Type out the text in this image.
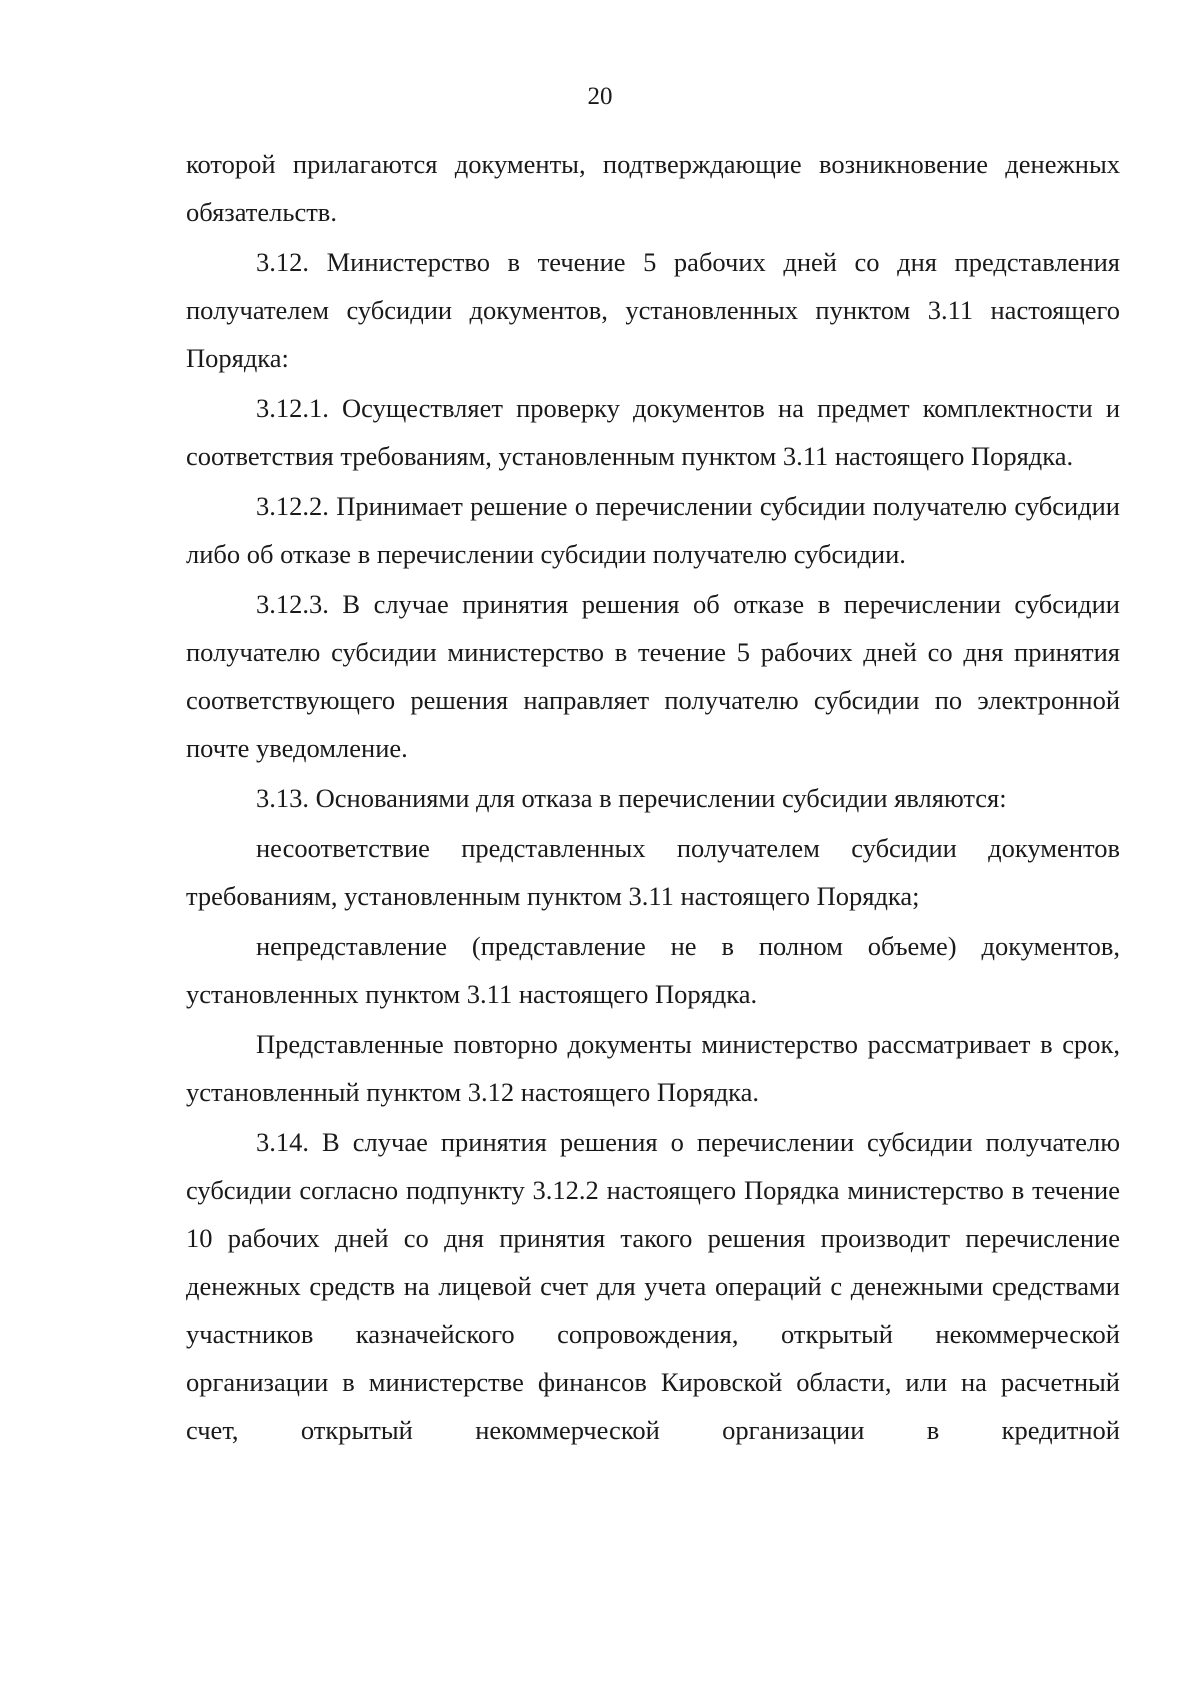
20

которой прилагаются документы, подтверждающие возникновение денежных обязательств.

3.12. Министерство в течение 5 рабочих дней со дня представления получателем субсидии документов, установленных пунктом 3.11 настоящего Порядка:

3.12.1. Осуществляет проверку документов на предмет комплектности и соответствия требованиям, установленным пунктом 3.11 настоящего Порядка.

3.12.2. Принимает решение о перечислении субсидии получателю субсидии либо об отказе в перечислении субсидии получателю субсидии.

3.12.3. В случае принятия решения об отказе в перечислении субсидии получателю субсидии министерство в течение 5 рабочих дней со дня принятия соответствующего решения направляет получателю субсидии по электронной почте уведомление.

3.13. Основаниями для отказа в перечислении субсидии являются:

несоответствие представленных получателем субсидии документов требованиям, установленным пунктом 3.11 настоящего Порядка;

непредставление (представление не в полном объеме) документов, установленных пунктом 3.11 настоящего Порядка.

Представленные повторно документы министерство рассматривает в срок, установленный пунктом 3.12 настоящего Порядка.

3.14. В случае принятия решения о перечислении субсидии получателю субсидии согласно подпункту 3.12.2 настоящего Порядка министерство в течение 10 рабочих дней со дня принятия такого решения производит перечисление денежных средств на лицевой счет для учета операций с денежными средствами участников казначейского сопровождения, открытый некоммерческой организации в министерстве финансов Кировской области, или на расчетный счет, открытый некоммерческой организации в кредитной
